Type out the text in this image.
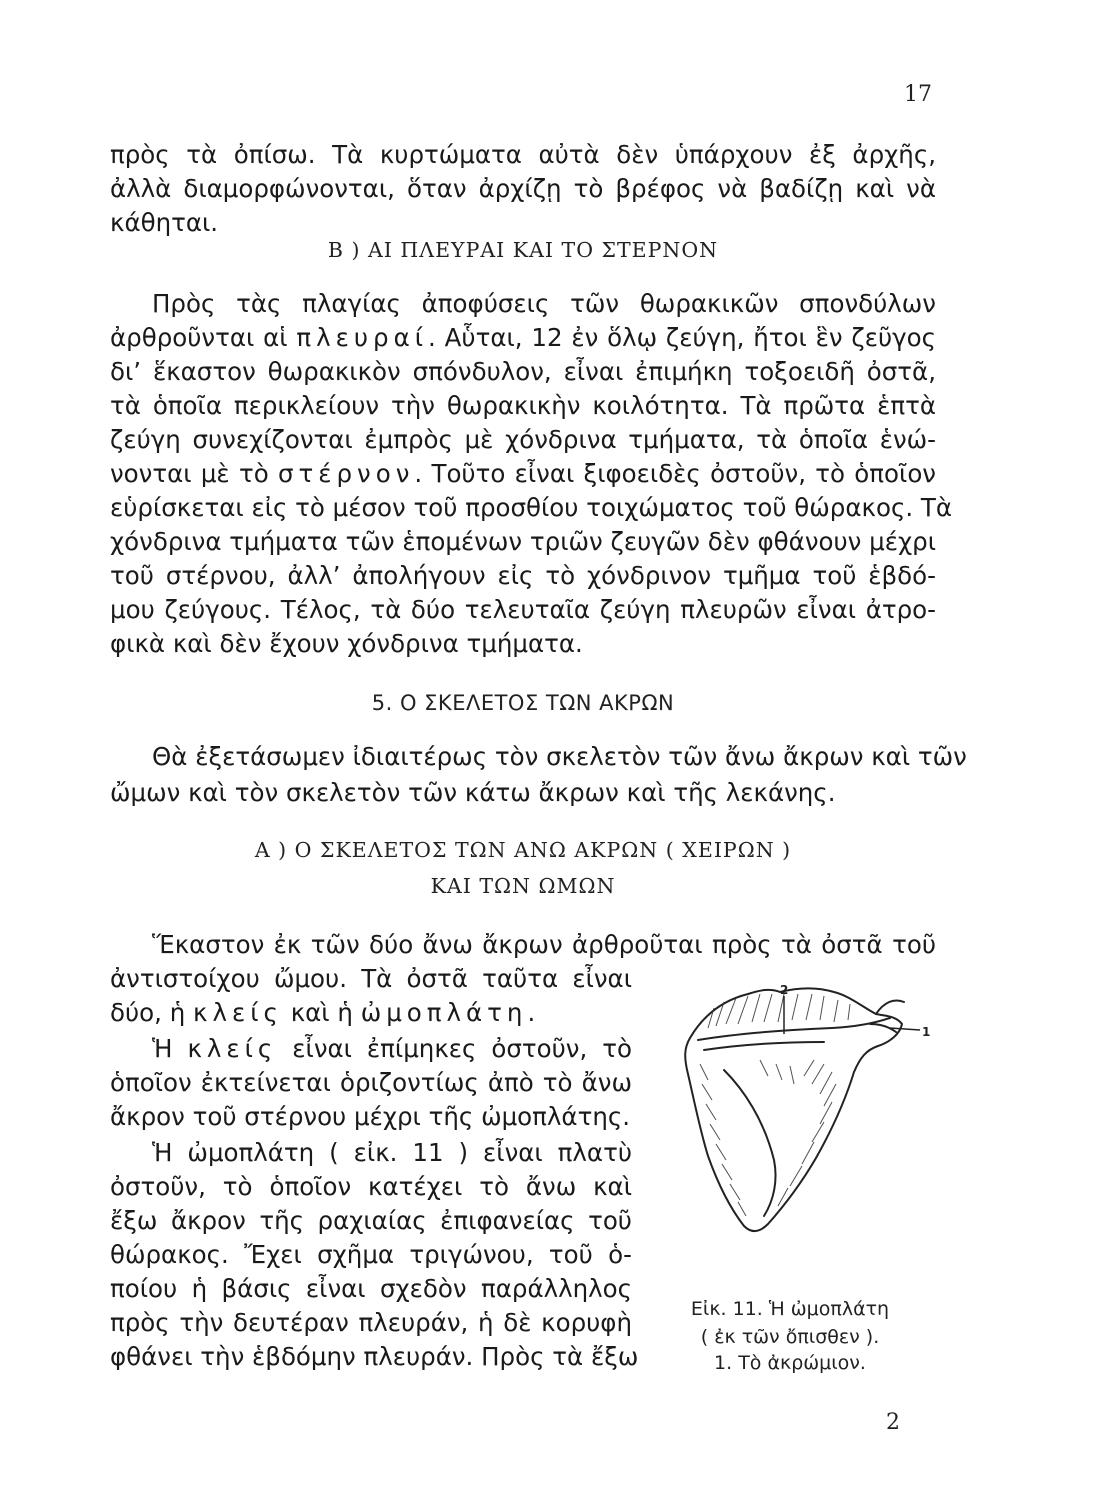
17
πρὸς τὰ ὀπίσω. Τὰ κυρτώματα αὐτὰ δὲν ὑπάρχουν ἐξ ἀρχῆς,
ἀλλὰ διαμορφώνονται, ὅταν ἀρχίζῃ τὸ βρέφος νὰ βαδίζῃ καὶ νὰ
κάθηται.
Β ) ΑΙ ΠΛΕΥΡΑΙ ΚΑΙ ΤΟ ΣΤΕΡΝΟΝ
Πρὸς τὰς πλαγίας ἀποφύσεις τῶν θωρακικῶν σπονδύλων
ἀρθροῦνται αἱ πλευραί. Αὗται, 12 ἐν ὅλῳ ζεύγη, ἤτοι ἓν ζεῦγος
δι’ ἕκαστον θωρακικὸν σπόνδυλον, εἶναι ἐπιμήκη τοξοειδῆ ὀστᾶ,
τὰ ὁποῖα περικλείουν τὴν θωρακικὴν κοιλότητα. Τὰ πρῶτα ἑπτὰ
ζεύγη συνεχίζονται ἐμπρὸς μὲ χόνδρινα τμήματα, τὰ ὁποῖα ἑνώ-
νονται μὲ τὸ στέρνον. Τοῦτο εἶναι ξιφοειδὲς ὀστοῦν, τὸ ὁποῖον
εὑρίσκεται εἰς τὸ μέσον τοῦ προσθίου τοιχώματος τοῦ θώρακος. Τὰ
χόνδρινα τμήματα τῶν ἑπομένων τριῶν ζευγῶν δὲν φθάνουν μέχρι
τοῦ στέρνου, ἀλλ’ ἀπολήγουν εἰς τὸ χόνδρινον τμῆμα τοῦ ἑβδό-
μου ζεύγους. Τέλος, τὰ δύο τελευταῖα ζεύγη πλευρῶν εἶναι ἀτρο-
φικὰ καὶ δὲν ἔχουν χόνδρινα τμήματα.
5. Ο ΣΚΕΛΕΤΟΣ ΤΩΝ ΑΚΡΩΝ
Θὰ ἐξετάσωμεν ἰδιαιτέρως τὸν σκελετὸν τῶν ἄνω ἄκρων καὶ τῶν
ὤμων καὶ τὸν σκελετὸν τῶν κάτω ἄκρων καὶ τῆς λεκάνης.
Α ) Ο ΣΚΕΛΕΤΟΣ ΤΩΝ ΑΝΩ ΑΚΡΩΝ ( ΧΕΙΡΩΝ )
ΚΑΙ ΤΩΝ ΩΜΩΝ
Ἕκαστον ἐκ τῶν δύο ἄνω ἄκρων ἀρθροῦται πρὸς τὰ ὀστᾶ τοῦ
ἀντιστοίχου ὤμου. Τὰ ὀστᾶ ταῦτα εἶναι
δύο, ἡ κλείς καὶ ἡ ὠμοπλάτη.
Ἡ κλείς εἶναι ἐπίμηκες ὀστοῦν, τὸ
ὁποῖον ἐκτείνεται ὁριζοντίως ἀπὸ τὸ ἄνω
ἄκρον τοῦ στέρνου μέχρι τῆς ὠμοπλάτης.
Ἡ ὠμοπλάτη ( εἰκ. 11 ) εἶναι πλατὺ
ὀστοῦν, τὸ ὁποῖον κατέχει τὸ ἄνω καὶ
ἔξω ἄκρον τῆς ραχιαίας ἐπιφανείας τοῦ
θώρακος. Ἔχει σχῆμα τριγώνου, τοῦ ὁ-
ποίου ἡ βάσις εἶναι σχεδὸν παράλληλος
πρὸς τὴν δευτέραν πλευράν, ἡ δὲ κορυφὴ
φθάνει τὴν ἑβδόμην πλευράν. Πρὸς τὰ ἔξω
2
1
Εἰκ. 11. Ἡ ὠμοπλάτη
( ἐκ τῶν ὄπισθεν ).
1. Τὸ ἀκρώμιον.
2
